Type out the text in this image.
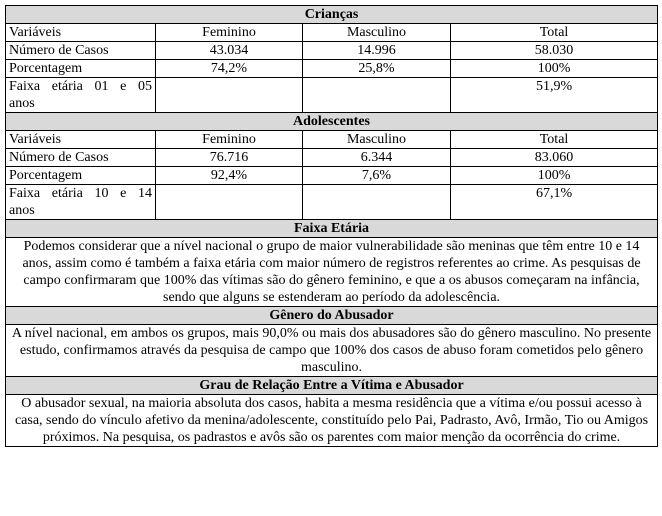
Crianças			
Variáveis	Feminino	Masculino	Total
Número de Casos	43.034	14.996	58.030
Porcentagem	74,2%	25,8%	100%

Faixa etária 01 e 05
anos			51,9%
Adolescentes			
Variáveis	Feminino	Masculino	Total
Número de Casos	76.716	6.344	83.060
Porcentagem	92,4%	7,6%	100%

Faixa etária 10 e 14
anos			67,1%
Faixa Etária			
Podemos considerar que a nível nacional o grupo de maior vulnerabilidade são meninas que têm entre 10 e 14 anos, assim como é também a faixa etária com maior número de registros referentes ao crime. As pesquisas de campo confirmaram que 100% das vítimas são do gênero feminino, e que a os abusos começaram na infância, sendo que alguns se estenderam ao período da adolescência.			
Gênero do Abusador			
A nível nacional, em ambos os grupos, mais 90,0% ou mais dos abusadores são do gênero masculino. No presente estudo, confirmamos através da pesquisa de campo que 100% dos casos de abuso foram cometidos pelo gênero masculino.			
Grau de Relação Entre a Vítima e Abusador			
O abusador sexual, na maioria absoluta dos casos, habita a mesma residência que a vítima e/ou possui acesso à casa, sendo do vínculo afetivo da menina/adolescente, constituído pelo Pai, Padrasto, Avô, Irmão, Tio ou Amigos próximos. Na pesquisa, os padrastos e avôs são os parentes com maior menção da ocorrência do crime.			
